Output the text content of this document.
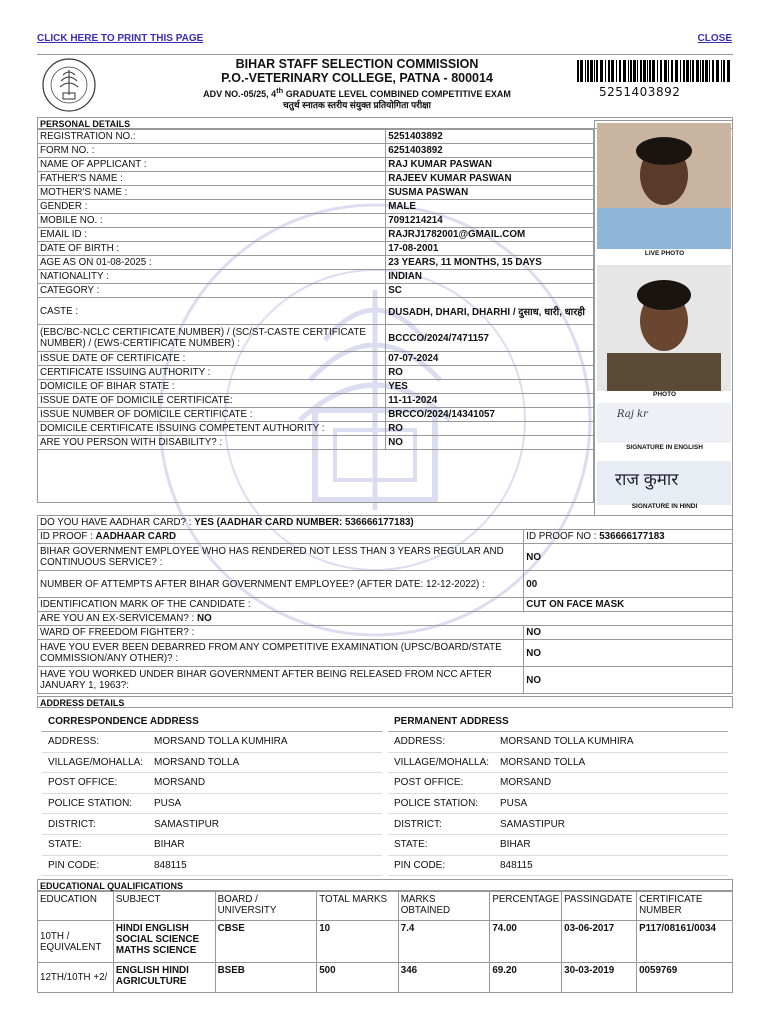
CLICK HERE TO PRINT THIS PAGE	CLOSE
BIHAR STAFF SELECTION COMMISSION
P.O.-VETERINARY COLLEGE, PATNA - 800014
ADV NO.-05/25, 4th GRADUATE LEVEL COMBINED COMPETITIVE EXAM
चतुर्थ स्नातक स्तरीय संयुक्त प्रतियोगिता परीक्षा
5251403892
PERSONAL DETAILS
REGISTRATION NO.:	5251403892
FORM NO. :	6251403892
NAME OF APPLICANT :	RAJ KUMAR PASWAN
FATHER'S NAME :	RAJEEV KUMAR PASWAN
MOTHER'S NAME :	SUSMA PASWAN
GENDER :	MALE
MOBILE NO. :	7091214214
EMAIL ID :	RAJRJ1782001@GMAIL.COM
DATE OF BIRTH :	17-08-2001
AGE AS ON 01-08-2025 :	23 YEARS, 11 MONTHS, 15 DAYS
NATIONALITY :	INDIAN
CATEGORY :	SC
CASTE :	DUSADH, DHARI, DHARHI / दुसाध, धारी, धारही
(EBC/BC-NCLC CERTIFICATE NUMBER) / (SC/ST-CASTE CERTIFICATE NUMBER) / (EWS-CERTIFICATE NUMBER) :	BCCCO/2024/7471157
ISSUE DATE OF CERTIFICATE :	07-07-2024
CERTIFICATE ISSUING AUTHORITY :	RO
DOMICILE OF BIHAR STATE :	YES
ISSUE DATE OF DOMICILE CERTIFICATE:	11-11-2024
ISSUE NUMBER OF DOMICILE CERTIFICATE :	BRCCO/2024/14341057
DOMICILE CERTIFICATE ISSUING COMPETENT AUTHORITY :	RO
ARE YOU PERSON WITH DISABILITY? :	NO

LIVE PHOTO
PHOTO
Raj kr
SIGNATURE IN ENGLISH
राज कुमार
SIGNATURE IN HINDI
DO YOU HAVE AADHAR CARD? : YES (AADHAR CARD NUMBER: 536666177183)	
ID PROOF : AADHAAR CARD	ID PROOF NO : 536666177183
BIHAR GOVERNMENT EMPLOYEE WHO HAS RENDERED NOT LESS THAN 3 YEARS REGULAR AND CONTINUOUS SERVICE? :	NO
NUMBER OF ATTEMPTS AFTER BIHAR GOVERNMENT EMPLOYEE? (AFTER DATE: 12-12-2022) :	00
IDENTIFICATION MARK OF THE CANDIDATE :	CUT ON FACE MASK
ARE YOU AN EX-SERVICEMAN? : NO	
WARD OF FREEDOM FIGHTER? :	NO
HAVE YOU EVER BEEN DEBARRED FROM ANY COMPETITIVE EXAMINATION (UPSC/BOARD/STATE COMMISSION/ANY OTHER)? :	NO
HAVE YOU WORKED UNDER BIHAR GOVERNMENT AFTER BEING RELEASED FROM NCC AFTER JANUARY 1, 1963?:	NO
ADDRESS DETAILS
CORRESPONDENCE ADDRESS
ADDRESS:	MORSAND TOLLA KUMHIRA
VILLAGE/MOHALLA:	MORSAND TOLLA
POST OFFICE:	MORSAND
POLICE STATION:	PUSA
DISTRICT:	SAMASTIPUR
STATE:	BIHAR
PIN CODE:	848115
PERMANENT ADDRESS
ADDRESS:	MORSAND TOLLA KUMHIRA
VILLAGE/MOHALLA:	MORSAND TOLLA
POST OFFICE:	MORSAND
POLICE STATION:	PUSA
DISTRICT:	SAMASTIPUR
STATE:	BIHAR
PIN CODE:	848115
EDUCATIONAL QUALIFICATIONS
EDUCATION	SUBJECT	BOARD / UNIVERSITY	TOTAL MARKS	MARKS OBTAINED	PERCENTAGE	PASSINGDATE	CERTIFICATE NUMBER
10TH / EQUIVALENT	HINDI ENGLISH SOCIAL SCIENCE MATHS SCIENCE	CBSE	10	7.4	74.00	03-06-2017	P117/08161/0034
12TH/10TH +2/	ENGLISH HINDI AGRICULTURE	BSEB	500	346	69.20	30-03-2019	0059769
